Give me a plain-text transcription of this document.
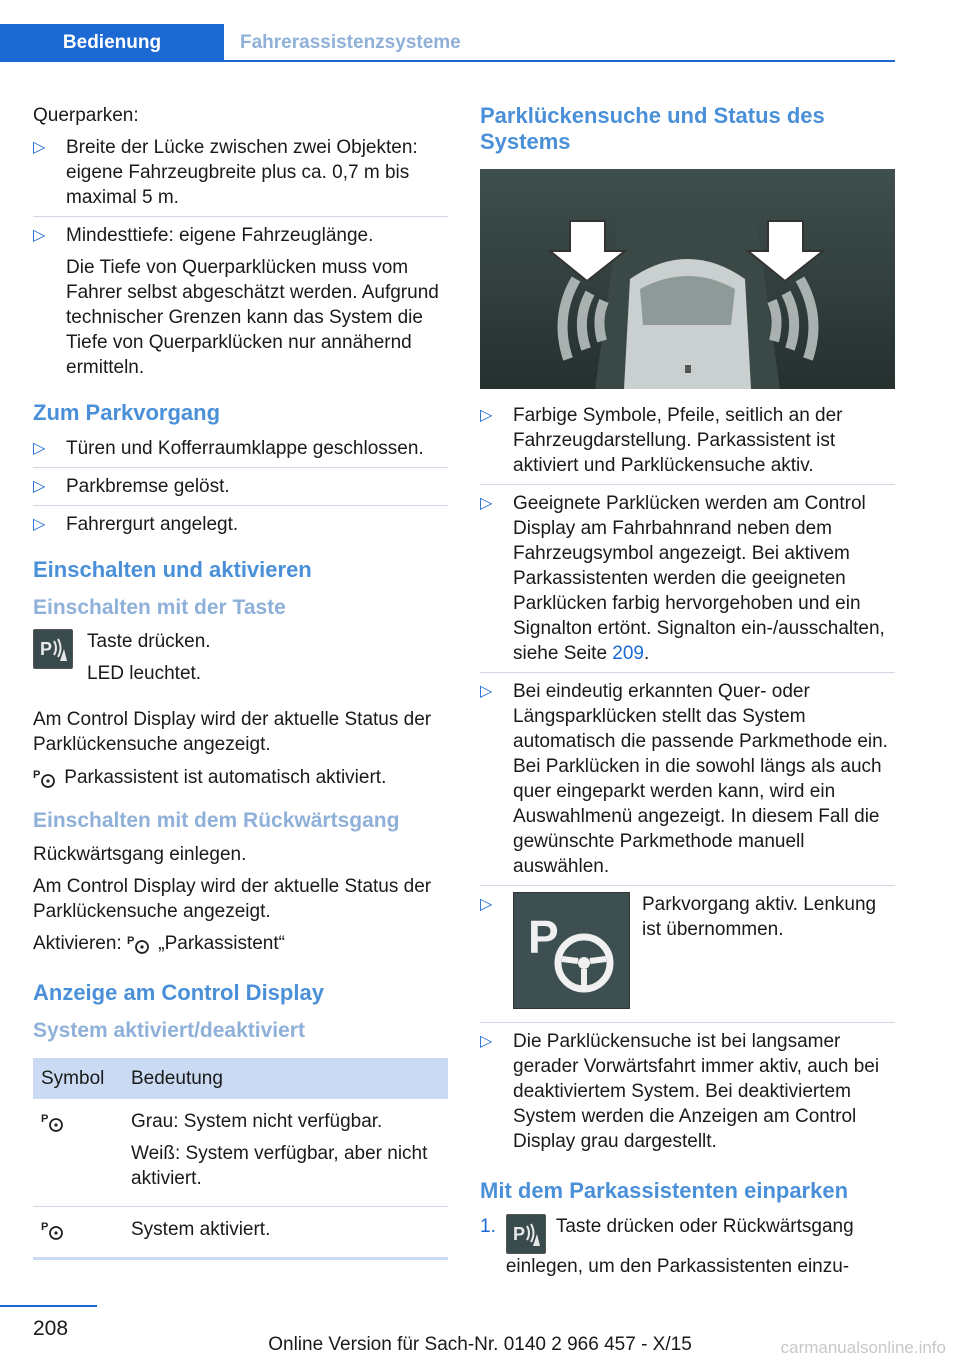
Bedienung	Fahrerassistenzsysteme

Querparken:

▷ Breite der Lücke zwischen zwei Objekten: eigene Fahrzeugbreite plus ca. 0,7 m bis maximal 5 m.
▷ Mindesttiefe: eigene Fahrzeuglänge.
Die Tiefe von Querparklücken muss vom Fahrer selbst abgeschätzt werden. Aufgrund technischer Grenzen kann das System die Tiefe von Querparklücken nur annähernd ermitteln.
Zum Parkvorgang
▷ Türen und Kofferraumklappe geschlossen.
▷ Parkbremse gelöst.
▷ Fahrergurt angelegt.
Einschalten und aktivieren
Einschalten mit der Taste
P Taste drücken.

LED leuchtet.

Am Control Display wird der aktuelle Status der Parklückensuche angezeigt.

P Parkassistent ist automatisch aktiviert.

Einschalten mit dem Rückwärtsgang

Rückwärtsgang einlegen.

Am Control Display wird der aktuelle Status der Parklückensuche angezeigt.

Aktivieren: P „Parkassistent“

Anzeige am Control Display
System aktiviert/deaktiviert
Symbol	Bedeutung

P	Grau: System nicht verfügbar.

Weiß: System verfügbar, aber nicht aktiviert.

P	System aktiviert.

Parklückensuche und Status des Systems
▷ Farbige Symbole, Pfeile, seitlich an der Fahrzeugdarstellung. Parkassistent ist aktiviert und Parklückensuche aktiv.
▷ Geeignete Parklücken werden am Control Display am Fahrbahnrand neben dem Fahrzeugsymbol angezeigt. Bei aktivem Parkassistenten werden die geeigneten Parklücken farbig hervorgehoben und ein Signalton ertönt. Signalton ein-/ausschalten, siehe Seite 209.
▷ Bei eindeutig erkannten Quer- oder Längsparklücken stellt das System automatisch die passende Parkmethode ein. Bei Parklücken in die sowohl längs als auch quer eingeparkt werden kann, wird ein Auswahlmenü angezeigt. In diesem Fall die gewünschte Parkmethode manuell auswählen.
▷
P
Parkvorgang aktiv. Lenkung ist übernommen.
▷ Die Parklückensuche ist bei langsamer gerader Vorwärtsfahrt immer aktiv, auch bei deaktiviertem System. Bei deaktiviertem System werden die Anzeigen am Control Display grau dargestellt.
Mit dem Parkassistenten einparken
1. P Taste drücken oder Rückwärtsgang einlegen, um den Parkassistenten einzu-
208
Online Version für Sach-Nr. 0140 2 966 457 - X/15	carmanualsonline.info
